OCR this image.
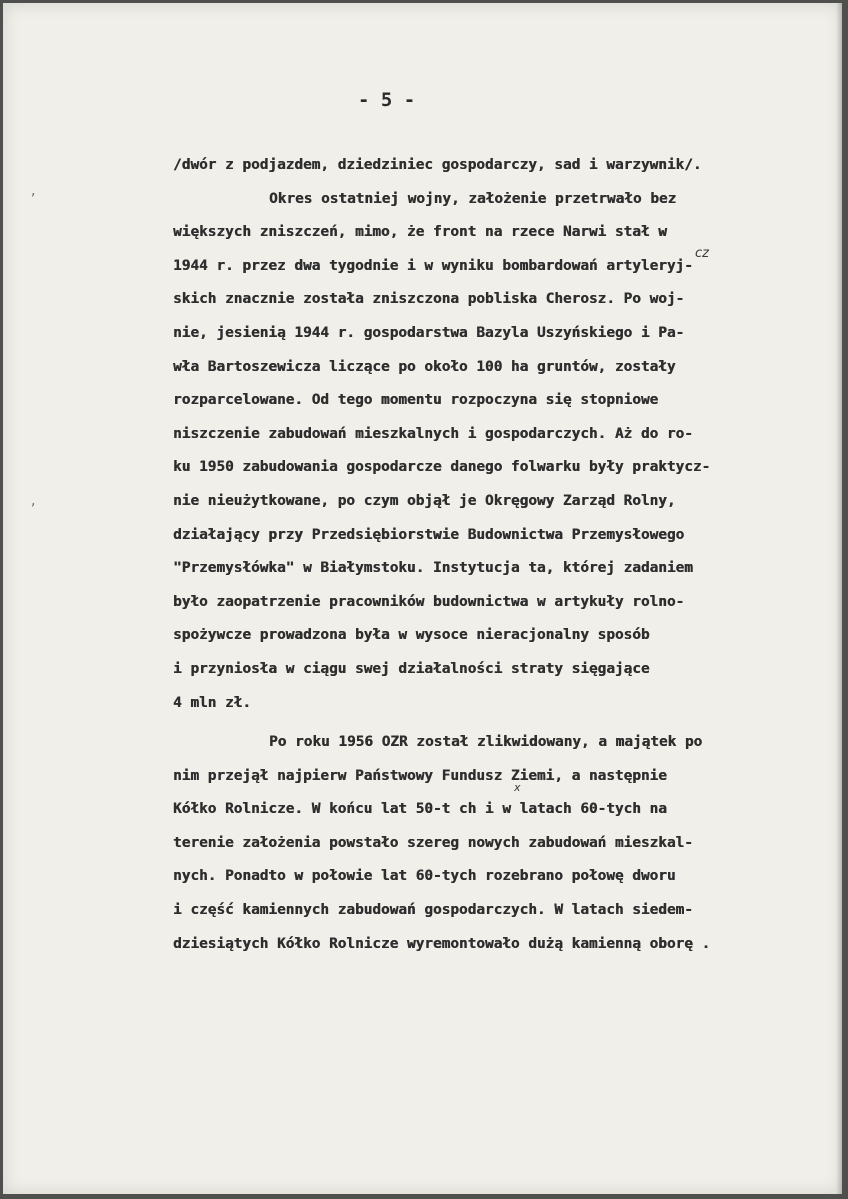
- 5 -
,
,
/dwór z podjazdem, dziedziniec gospodarczy, sad i warzywnik/.
Okres ostatniej wojny, założenie przetrwało bez
większych zniszczeń, mimo, że front na rzece Narwi stał w
1944 r. przez dwa tygodnie i w wyniku bombardowań artyleryj-
skich znacznie została zniszczona pobliska Cherosz. Po woj-
nie, jesienią 1944 r. gospodarstwa Bazyla Uszyńskiego i Pa-
wła Bartoszewicza liczące po około 100 ha gruntów, zostały
rozparcelowane. Od tego momentu rozpoczyna się stopniowe
niszczenie zabudowań mieszkalnych i gospodarczych. Aż do ro-
ku 1950 zabudowania gospodarcze danego folwarku były praktycz-
nie nieużytkowane, po czym objął je Okręgowy Zarząd Rolny,
działający przy Przedsiębiorstwie Budownictwa Przemysłowego
"Przemysłówka" w Białymstoku. Instytucja ta, której zadaniem
było zaopatrzenie pracowników budownictwa w artykuły rolno-
spożywcze prowadzona była w wysoce nieracjonalny sposób
i przyniosła w ciągu swej działalności straty sięgające
4 mln zł.
Po roku 1956 OZR został zlikwidowany, a majątek po
nim przejął najpierw Państwowy Fundusz Ziemi, a następnie
Kółko Rolnicze. W końcu lat 50-t ch i w latach 60-tych na
terenie założenia powstało szereg nowych zabudowań mieszkal-
nych. Ponadto w połowie lat 60-tych rozebrano połowę dworu
i część kamiennych zabudowań gospodarczych. W latach siedem-
dziesiątych Kółko Rolnicze wyremontowało dużą kamienną oborę .
cz
x
